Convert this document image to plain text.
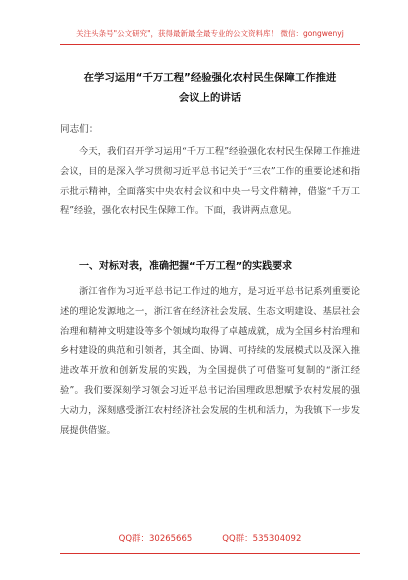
关注头条号"公文研究"，获得最新最全最专业的公文资料库！ 微信：gongwenyj
在学习运用“千万工程”经验强化农村民生保障工作推进
会议上的讲话
同志们：

今天，我们召开学习运用“千万工程”经验强化农村民生保障工作推进会议，目的是深入学习贯彻习近平总书记关于“三农”工作的重要论述和指示批示精神，全面落实中央农村会议和中央一号文件精神，借鉴“千万工程”经验，强化农村民生保障工作。下面，我讲两点意见。

一、对标对表，准确把握“千万工程”的实践要求

浙江省作为习近平总书记工作过的地方，是习近平总书记系列重要论述的理论发源地之一，浙江省在经济社会发展、生态文明建设、基层社会治理和精神文明建设等多个领域均取得了卓越成就，成为全国乡村治理和乡村建设的典范和引领者，其全面、协调、可持续的发展模式以及深入推进改革开放和创新发展的实践，为全国提供了可借鉴可复制的“浙江经验”。我们要深刻学习领会习近平总书记治国理政思想赋予农村发展的强大动力，深刻感受浙江农村经济社会发展的生机和活力，为我镇下一步发展提供借鉴。

QQ群：30265665	QQ群：535304092
